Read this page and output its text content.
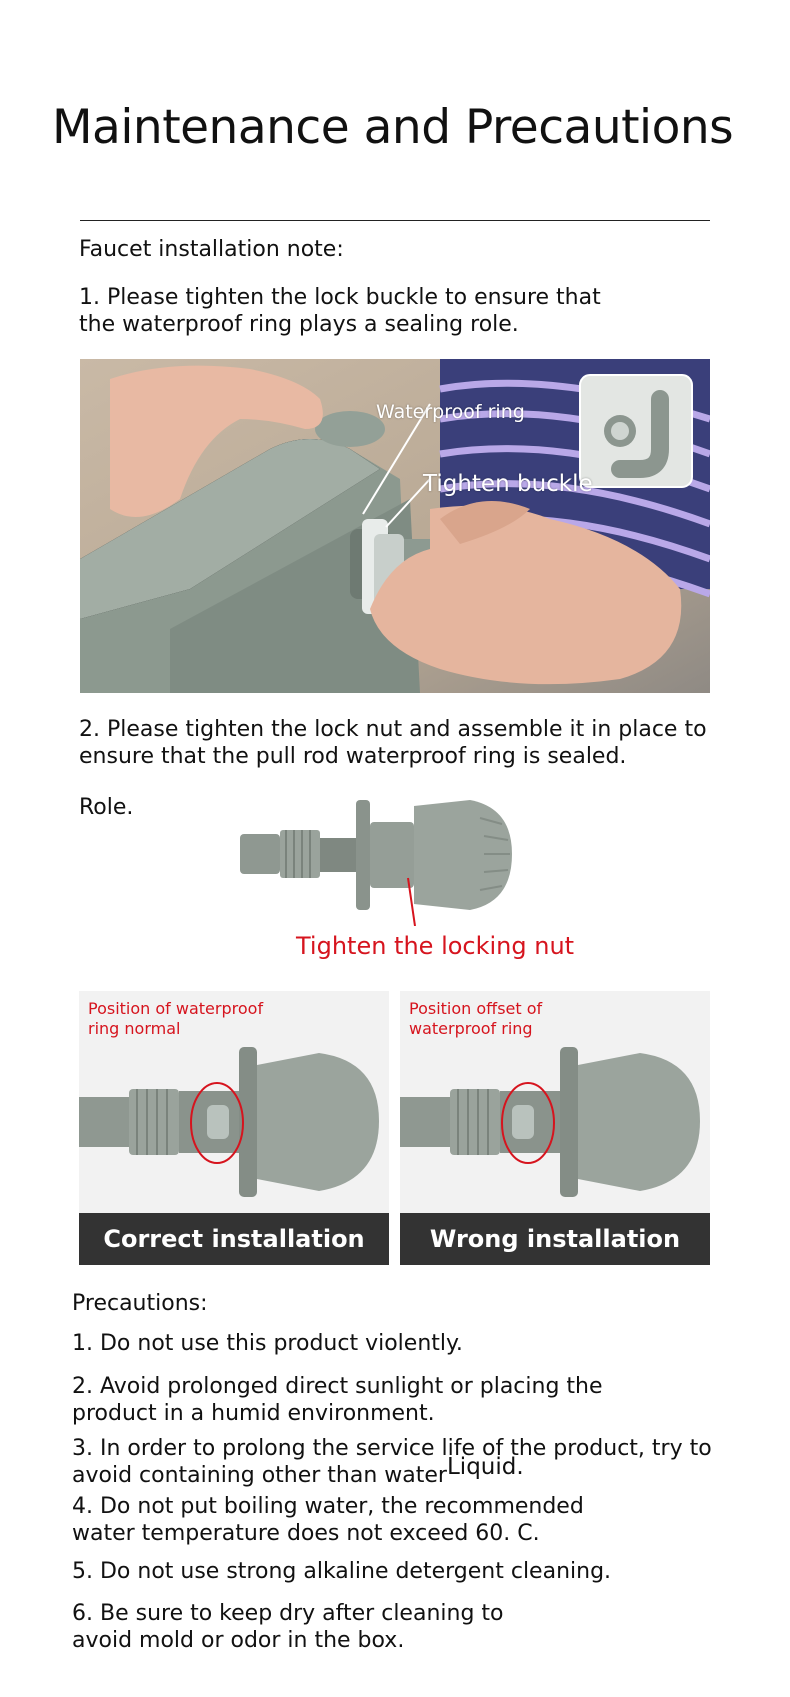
Maintenance and Precautions
Faucet installation note:
1. Please tighten the lock buckle to ensure that
the waterproof ring plays a sealing role.
Waterproof ring
Tighten buckle
2. Please tighten the lock nut and assemble it in place to
ensure that the pull rod waterproof ring is sealed.
Role.
Tighten the locking nut
Position of waterproof
ring normal
Correct installation
Position offset of
waterproof ring
Wrong installation
Precautions:
1. Do not use this product violently.
2. Avoid prolonged direct sunlight or placing the
product in a humid environment.
3. In order to prolong the service life of the product, try to
avoid containing other than waterLiquid.
4. Do not put boiling water, the recommended
water temperature does not exceed 60. C.
5. Do not use strong alkaline detergent cleaning.
6. Be sure to keep dry after cleaning to
avoid mold or odor in the box.
